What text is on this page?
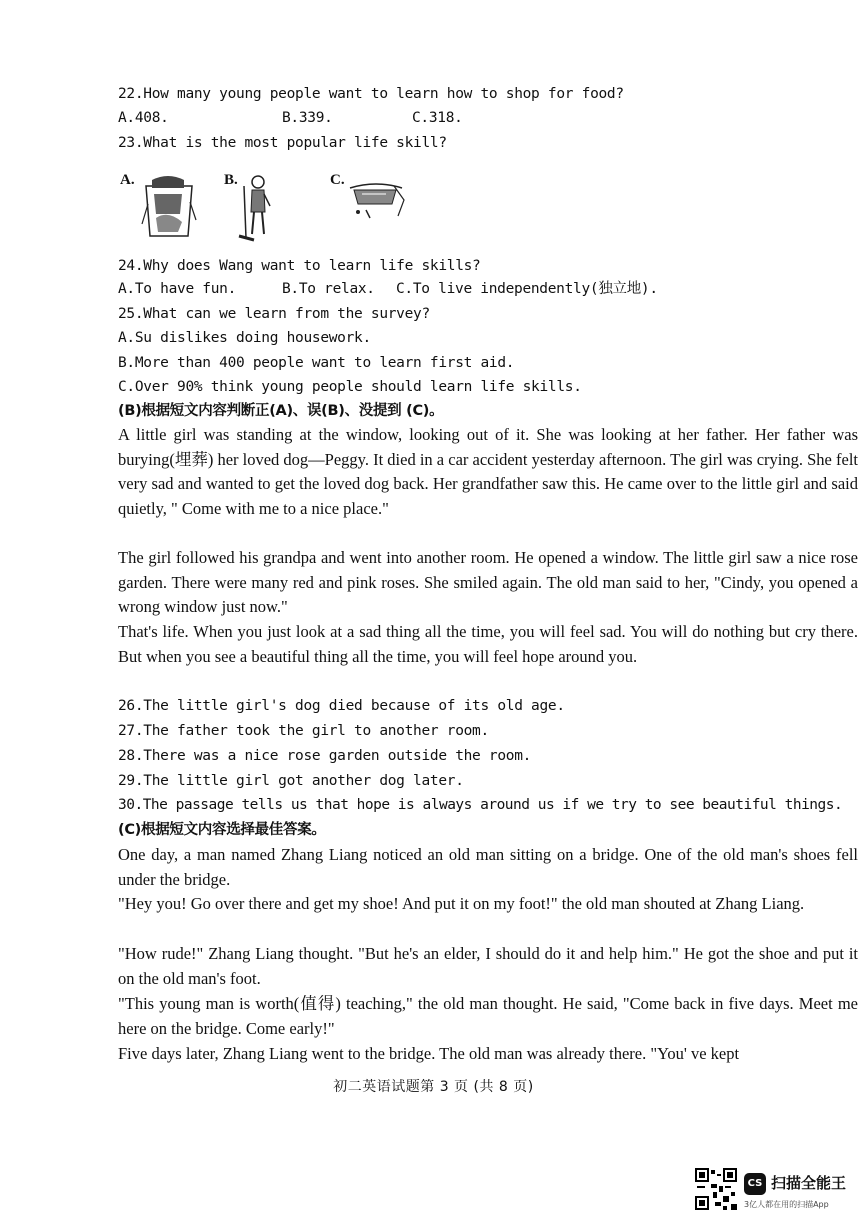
22.How many young people want to learn how to shop for food?
A.408.	B.339.	C.318.
23.What is the most popular life skill?
A.	B.	C.
24.Why does Wang want to learn life skills?
A.To have fun.	B.To relax. C.To live independently(独立地).
25.What can we learn from the survey?
A.Su dislikes doing housework.
B.More than 400 people want to learn first aid.
C.Over 90% think young people should learn life skills.
(B)根据短文内容判断正(A)、误(B)、没提到 (C)。
A little girl was standing at the window, looking out of it. She was looking at her father. Her father was burying(埋葬) her loved dog—Peggy. It died in a car accident yesterday afternoon. The girl was crying. She felt very sad and wanted to get the loved dog back. Her grandfather saw this. He came over to the little girl and said quietly, " Come with me to a nice place."
The girl followed his grandpa and went into another room. He opened a window. The little girl saw a nice rose garden. There were many red and pink roses. She smiled again. The old man said to her, "Cindy, you opened a wrong window just now."
That's life. When you just look at a sad thing all the time, you will feel sad. You will do nothing but cry there. But when you see a beautiful thing all the time, you will feel hope around you.
26.The little girl's dog died because of its old age.
27.The father took the girl to another room.
28.There was a nice rose garden outside the room.
29.The little girl got another dog later.
30.The passage tells us that hope is always around us if we try to see beautiful things.
(C)根据短文内容选择最佳答案。
One day, a man named Zhang Liang noticed an old man sitting on a bridge. One of the old man's shoes fell under the bridge.
"Hey you! Go over there and get my shoe! And put it on my foot!" the old man shouted at Zhang Liang.
"How rude!" Zhang Liang thought. "But he's an elder, I should do it and help him." He got the shoe and put it on the old man's foot.
"This young man is worth(值得) teaching," the old man thought. He said, "Come back in five days. Meet me here on the bridge. Come early!"
Five days later, Zhang Liang went to the bridge. The old man was already there. "You' ve kept
初二英语试题第 3 页 (共 8 页)
CS 扫描全能王
3亿人都在用的扫描App
